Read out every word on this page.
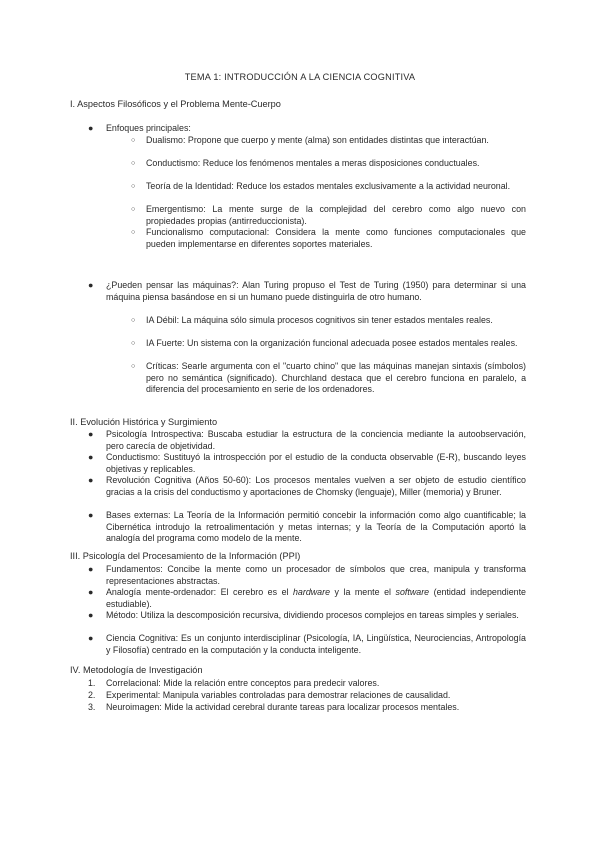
TEMA 1: INTRODUCCIÓN A LA CIENCIA COGNITIVA
I. Aspectos Filosóficos y el Problema Mente-Cuerpo
● Enfoques principales:
○ Dualismo: Propone que cuerpo y mente (alma) son entidades distintas que interactúan.
○ Conductismo: Reduce los fenómenos mentales a meras disposiciones conductuales.
○ Teoría de la Identidad: Reduce los estados mentales exclusivamente a la actividad neuronal.
○ Emergentismo: La mente surge de la complejidad del cerebro como algo nuevo con propiedades propias (antirreduccionista).
○ Funcionalismo computacional: Considera la mente como funciones computacionales que pueden implementarse en diferentes soportes materiales.
● ¿Pueden pensar las máquinas?: Alan Turing propuso el Test de Turing (1950) para determinar si una máquina piensa basándose en si un humano puede distinguirla de otro humano.
○ IA Débil: La máquina sólo simula procesos cognitivos sin tener estados mentales reales.
○ IA Fuerte: Un sistema con la organización funcional adecuada posee estados mentales reales.
○ Críticas: Searle argumenta con el "cuarto chino" que las máquinas manejan sintaxis (símbolos) pero no semántica (significado). Churchland destaca que el cerebro funciona en paralelo, a diferencia del procesamiento en serie de los ordenadores.
II. Evolución Histórica y Surgimiento
● Psicología Introspectiva: Buscaba estudiar la estructura de la conciencia mediante la autoobservación, pero carecía de objetividad.
● Conductismo: Sustituyó la introspección por el estudio de la conducta observable (E-R), buscando leyes objetivas y replicables.
● Revolución Cognitiva (Años 50-60): Los procesos mentales vuelven a ser objeto de estudio científico gracias a la crisis del conductismo y aportaciones de Chomsky (lenguaje), Miller (memoria) y Bruner.
● Bases externas: La Teoría de la Información permitió concebir la información como algo cuantificable; la Cibernética introdujo la retroalimentación y metas internas; y la Teoría de la Computación aportó la analogía del programa como modelo de la mente.
III. Psicología del Procesamiento de la Información (PPI)
● Fundamentos: Concibe la mente como un procesador de símbolos que crea, manipula y transforma representaciones abstractas.
● Analogía mente-ordenador: El cerebro es el hardware y la mente el software (entidad independiente estudiable).
● Método: Utiliza la descomposición recursiva, dividiendo procesos complejos en tareas simples y seriales.
● Ciencia Cognitiva: Es un conjunto interdisciplinar (Psicología, IA, Lingüística, Neurociencias, Antropología y Filosofía) centrado en la computación y la conducta inteligente.
IV. Metodología de Investigación
1. Correlacional: Mide la relación entre conceptos para predecir valores.
2. Experimental: Manipula variables controladas para demostrar relaciones de causalidad.
3. Neuroimagen: Mide la actividad cerebral durante tareas para localizar procesos mentales.
